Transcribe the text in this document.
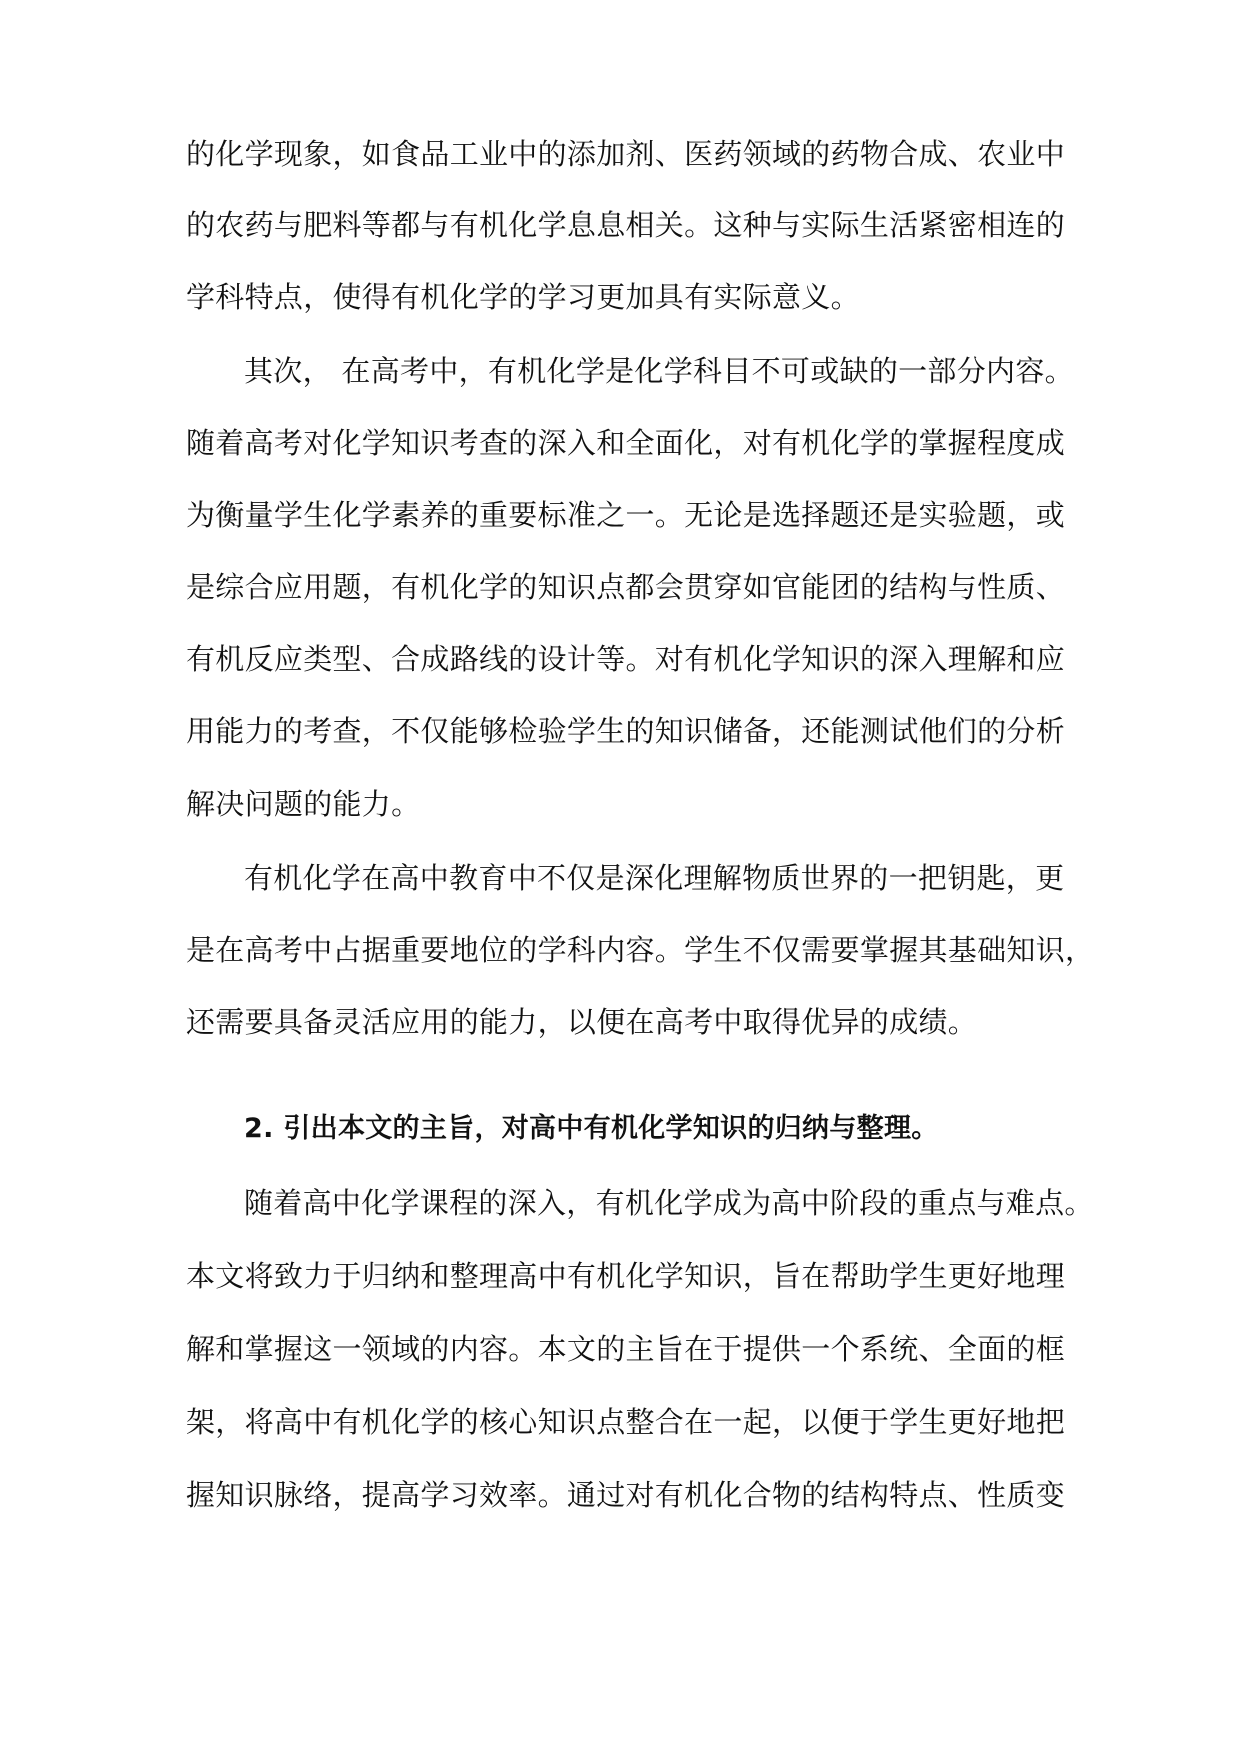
的化学现象，如食品工业中的添加剂、医药领域的药物合成、农业中
的农药与肥料等都与有机化学息息相关。这种与实际生活紧密相连的
学科特点，使得有机化学的学习更加具有实际意义。
其次， 在高考中，有机化学是化学科目不可或缺的一部分内容。
随着高考对化学知识考查的深入和全面化，对有机化学的掌握程度成
为衡量学生化学素养的重要标准之一。无论是选择题还是实验题，或
是综合应用题，有机化学的知识点都会贯穿如官能团的结构与性质、
有机反应类型、合成路线的设计等。对有机化学知识的深入理解和应
用能力的考查，不仅能够检验学生的知识储备，还能测试他们的分析
解决问题的能力。
有机化学在高中教育中不仅是深化理解物质世界的一把钥匙，更
是在高考中占据重要地位的学科内容。学生不仅需要掌握其基础知识，
还需要具备灵活应用的能力，以便在高考中取得优异的成绩。
2. 引出本文的主旨，对高中有机化学知识的归纳与整理。
随着高中化学课程的深入，有机化学成为高中阶段的重点与难点。
本文将致力于归纳和整理高中有机化学知识，旨在帮助学生更好地理
解和掌握这一领域的内容。本文的主旨在于提供一个系统、全面的框
架，将高中有机化学的核心知识点整合在一起，以便于学生更好地把
握知识脉络，提高学习效率。通过对有机化合物的结构特点、性质变
